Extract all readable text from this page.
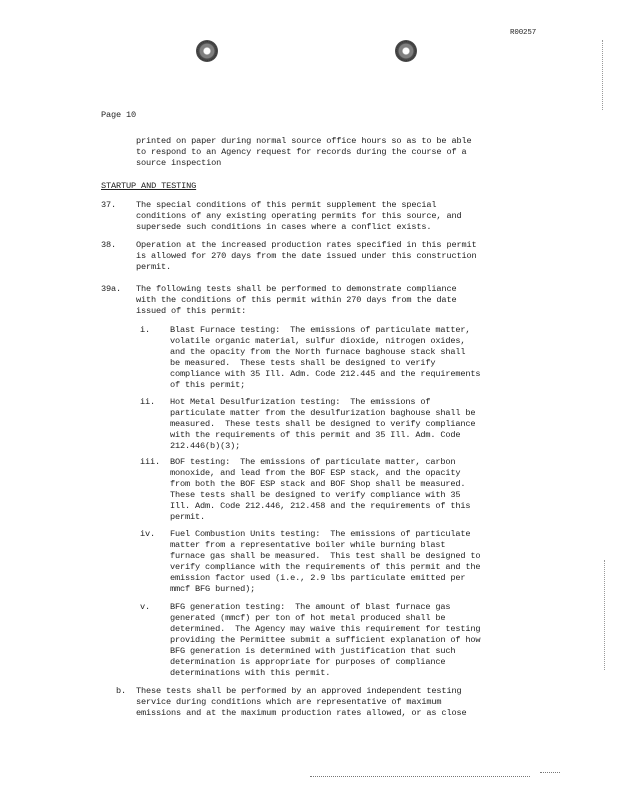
R00257
Page 10
printed on paper during normal source office hours so as to be able
to respond to an Agency request for records during the course of a
source inspection
STARTUP AND TESTING
37. The special conditions of this permit supplement the special
conditions of any existing operating permits for this source, and
supersede such conditions in cases where a conflict exists.
38. Operation at the increased production rates specified in this permit
is allowed for 270 days from the date issued under this construction
permit.
39a. The following tests shall be performed to demonstrate compliance
with the conditions of this permit within 270 days from the date
issued of this permit:
i. Blast Furnace testing:  The emissions of particulate matter,
volatile organic material, sulfur dioxide, nitrogen oxides,
and the opacity from the North furnace baghouse stack shall
be measured.  These tests shall be designed to verify
compliance with 35 Ill. Adm. Code 212.445 and the requirements
of this permit;
ii. Hot Metal Desulfurization testing:  The emissions of
particulate matter from the desulfurization baghouse shall be
measured.  These tests shall be designed to verify compliance
with the requirements of this permit and 35 Ill. Adm. Code
212.446(b)(3);
iii. BOF testing:  The emissions of particulate matter, carbon
monoxide, and lead from the BOF ESP stack, and the opacity
from both the BOF ESP stack and BOF Shop shall be measured.
These tests shall be designed to verify compliance with 35
Ill. Adm. Code 212.446, 212.458 and the requirements of this
permit.
iv. Fuel Combustion Units testing:  The emissions of particulate
matter from a representative boiler while burning blast
furnace gas shall be measured.  This test shall be designed to
verify compliance with the requirements of this permit and the
emission factor used (i.e., 2.9 lbs particulate emitted per
mmcf BFG burned);
v. BFG generation testing:  The amount of blast furnace gas
generated (mmcf) per ton of hot metal produced shall be
determined.  The Agency may waive this requirement for testing
providing the Permittee submit a sufficient explanation of how
BFG generation is determined with justification that such
determination is appropriate for purposes of compliance
determinations with this permit.
b. These tests shall be performed by an approved independent testing
service during conditions which are representative of maximum
emissions and at the maximum production rates allowed, or as close
